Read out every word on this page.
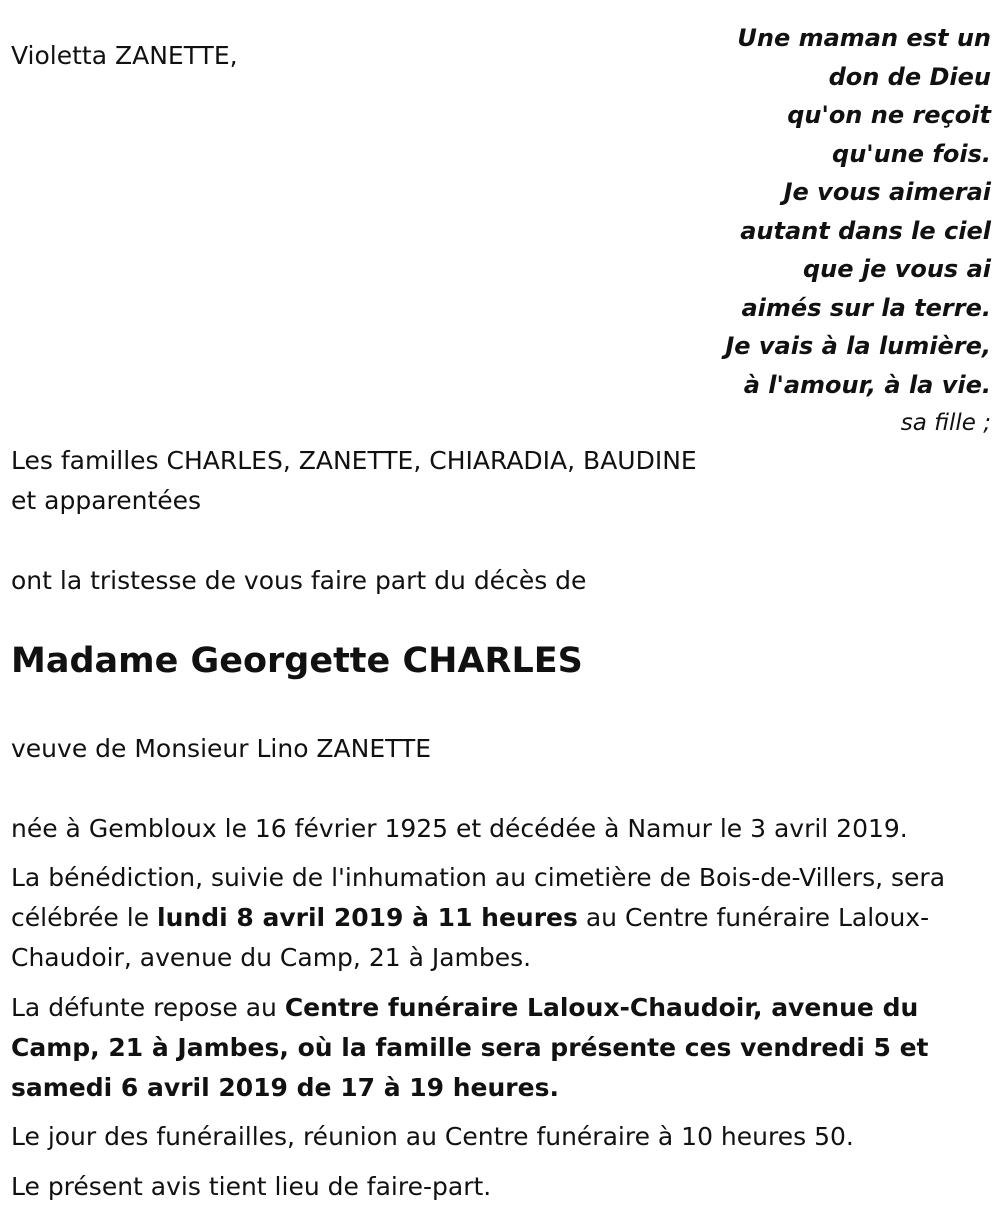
Violetta ZANETTE,
Une maman est un
don de Dieu
qu'on ne reçoit
qu'une fois.
Je vous aimerai
autant dans le ciel
que je vous ai
aimés sur la terre.
Je vais à la lumière,
à l'amour, à la vie.
sa fille ;
Les familles CHARLES, ZANETTE, CHIARADIA, BAUDINE
et apparentées
ont la tristesse de vous faire part du décès de
Madame Georgette CHARLES
veuve de Monsieur Lino ZANETTE
née à Gembloux le 16 février 1925 et décédée à Namur le 3 avril 2019.
La bénédiction, suivie de l'inhumation au cimetière de Bois-de-Villers, sera célébrée le lundi 8 avril 2019 à 11 heures au Centre funéraire Laloux-Chaudoir, avenue du Camp, 21 à Jambes.
La défunte repose au Centre funéraire Laloux-Chaudoir, avenue du Camp, 21 à Jambes, où la famille sera présente ces vendredi 5 et samedi 6 avril 2019 de 17 à 19 heures.
Le jour des funérailles, réunion au Centre funéraire à 10 heures 50.
Le présent avis tient lieu de faire-part.
